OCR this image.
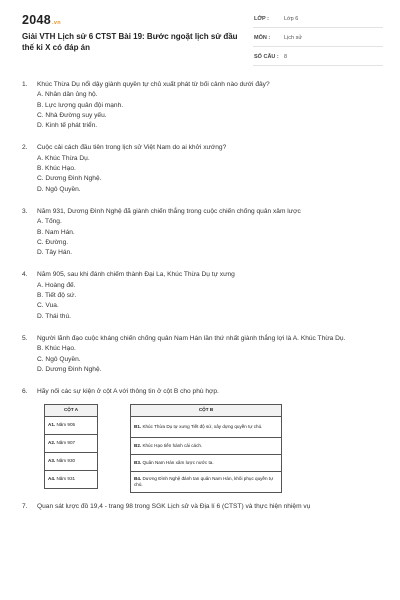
2048.vn
Giải VTH Lịch sử 6 CTST Bài 19: Bước ngoặt lịch sử đầu thế kỉ X có đáp án
LỚP :	Lớp 6
MÔN :	Lịch sử
SỐ CÂU : 8
1. Khúc Thừa Dụ nổi dậy giành quyền tự chủ xuất phát từ bối cảnh nào dưới đây?
A. Nhân dân ủng hộ.
B. Lực lượng quân đội mạnh.
C. Nhà Đường suy yếu.
D. Kinh tế phát triển.
2. Cuộc cải cách đầu tiên trong lịch sử Việt Nam do ai khởi xướng?
A. Khúc Thừa Dụ.
B. Khúc Hạo.
C. Dương Đình Nghệ.
D. Ngô Quyền.
3. Năm 931, Dương Đình Nghệ đã giành chiến thắng trong cuộc chiến chống quân xâm lược
A. Tống.
B. Nam Hán.
C. Đường.
D. Tây Hán.
4. Năm 905, sau khi đánh chiếm thành Đại La, Khúc Thừa Dụ tự xưng
A. Hoàng đế.
B. Tiết độ sứ.
C. Vua.
D. Thái thú.
5. Người lãnh đạo cuộc kháng chiến chống quân Nam Hán lần thứ nhất giành thắng lợi là A. Khúc Thừa Dụ.
B. Khúc Hạo.
C. Ngô Quyền.
D. Dương Đình Nghệ.
6. Hãy nối các sự kiện ở cột A với thông tin ở cột B cho phù hợp.
CỘT A
A1. Năm 905
A2. Năm 907
A3. Năm 930
A4. Năm 931
CỘT B
B1. Khúc Thừa Dụ tự xưng Tiết độ sứ, xây dựng quyền tự chủ.
B2. Khúc Hạo tiến hành cải cách.
B3. Quân Nam Hán xâm lược nước ta.
B4. Dương Đình Nghệ đánh tan quân Nam Hán, khôi phục quyền tự chủ.
7. Quan sát lược đồ 19,4 - trang 98 trong SGK Lịch sử và Địa lí 6 (CTST) và thực hiện nhiệm vụ
